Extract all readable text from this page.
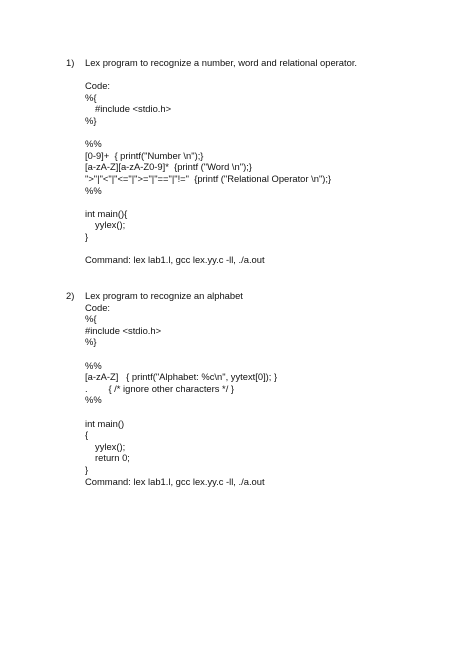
1) Lex program to recognize a number, word and relational operator.
Code:
%{
#include <stdio.h>
%}
%%
[0-9]+  { printf("Number \n");}
[a-zA-Z][a-zA-Z0-9]*  {printf ("Word \n");}
">"|"<"|"<="|">="|"=="|"!="  {printf ("Relational Operator \n");}
%%
int main(){
yylex();
}
Command: lex lab1.l, gcc lex.yy.c -ll, ./a.out
2) Lex program to recognize an alphabet
Code:
%{
#include <stdio.h>
%}
%%
[a-zA-Z]   { printf("Alphabet: %c\n", yytext[0]); }
.        { /* ignore other characters */ }
%%
int main()
{
yylex();
return 0;
}
Command: lex lab1.l, gcc lex.yy.c -ll, ./a.out
